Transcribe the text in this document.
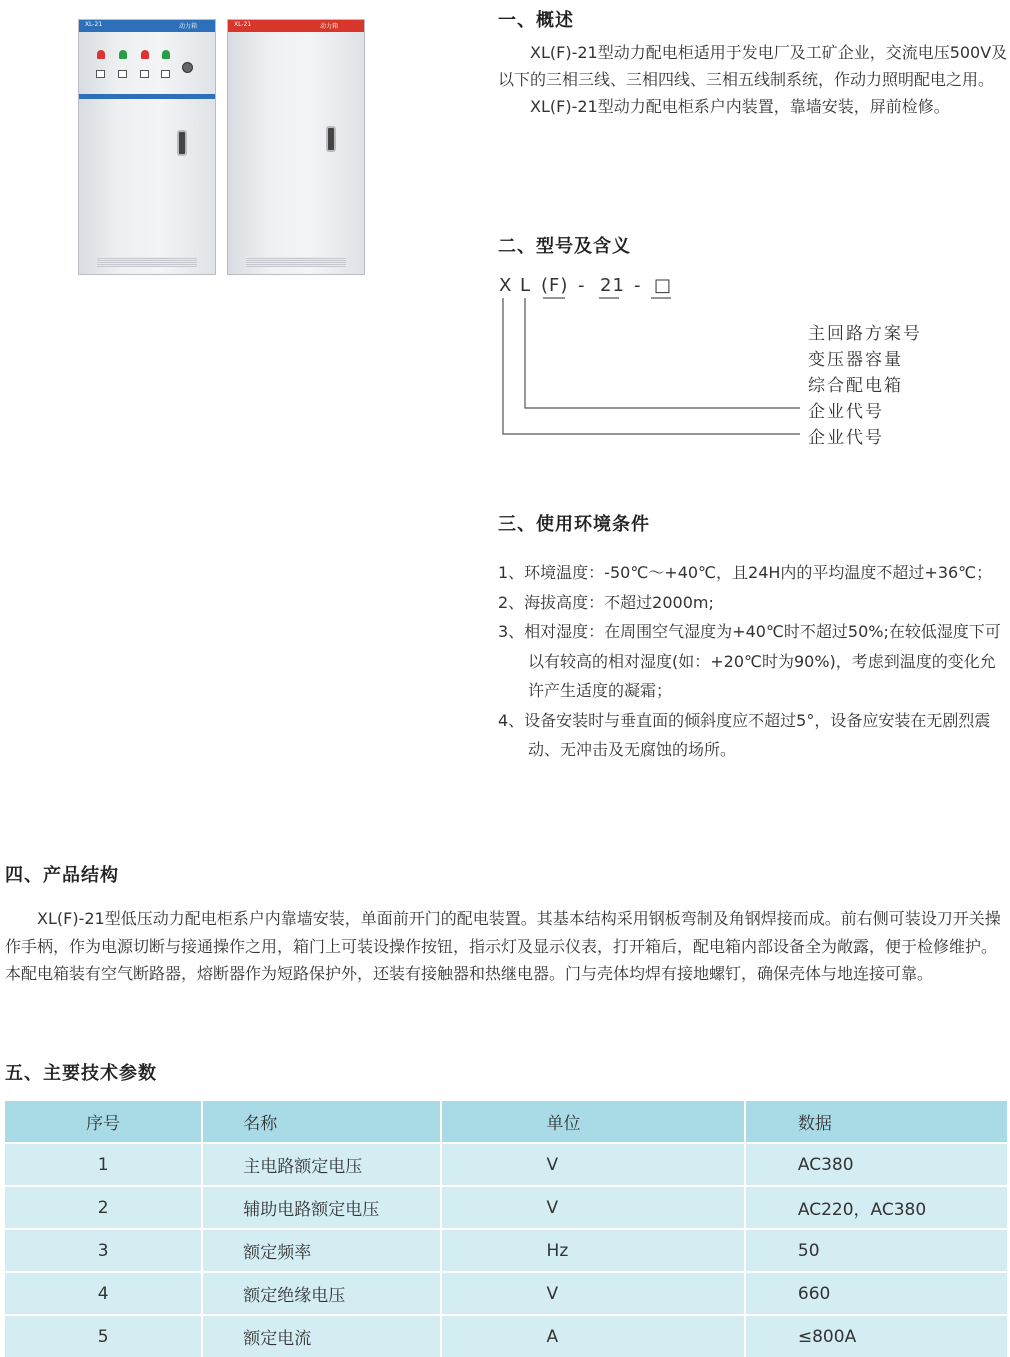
XL-21	动力箱	XL-21	动力箱	一、概述

XL(F)-21型动力配电柜适用于发电厂及工矿企业，交流电压500V及以下的三相三线、三相四线、三相五线制系统，作动力照明配电之用。

XL(F)-21型动力配电柜系户内装置，靠墙安装，屏前检修。

二、型号及含义
X L (F) - 21 - □
主回路方案号
变压器容量
综合配电箱
企业代号
企业代号
三、使用环境条件
1、环境温度：-50℃～+40℃，且24H内的平均温度不超过+36℃；
2、海拔高度：不超过2000m;
3、相对湿度：在周围空气湿度为+40℃时不超过50%;在较低湿度下可以有较高的相对湿度(如：+20℃时为90%)，考虑到温度的变化允许产生适度的凝霜；
4、设备安装时与垂直面的倾斜度应不超过5°，设备应安装在无剧烈震动、无冲击及无腐蚀的场所。
四、产品结构

XL(F)-21型低压动力配电柜系户内靠墙安装，单面前开门的配电装置。其基本结构采用钢板弯制及角钢焊接而成。前右侧可装设刀开关操作手柄，作为电源切断与接通操作之用，箱门上可装设操作按钮，指示灯及显示仪表，打开箱后，配电箱内部设备全为敞露，便于检修维护。本配电箱装有空气断路器，熔断器作为短路保护外，还装有接触器和热继电器。门与壳体均焊有接地螺钉，确保壳体与地连接可靠。

五、主要技术参数
序号	名称	单位	数据
1	主电路额定电压	V	AC380
2	辅助电路额定电压	V	AC220，AC380
3	额定频率	Hz	50
4	额定绝缘电压	V	660
5	额定电流	A	≤800A
